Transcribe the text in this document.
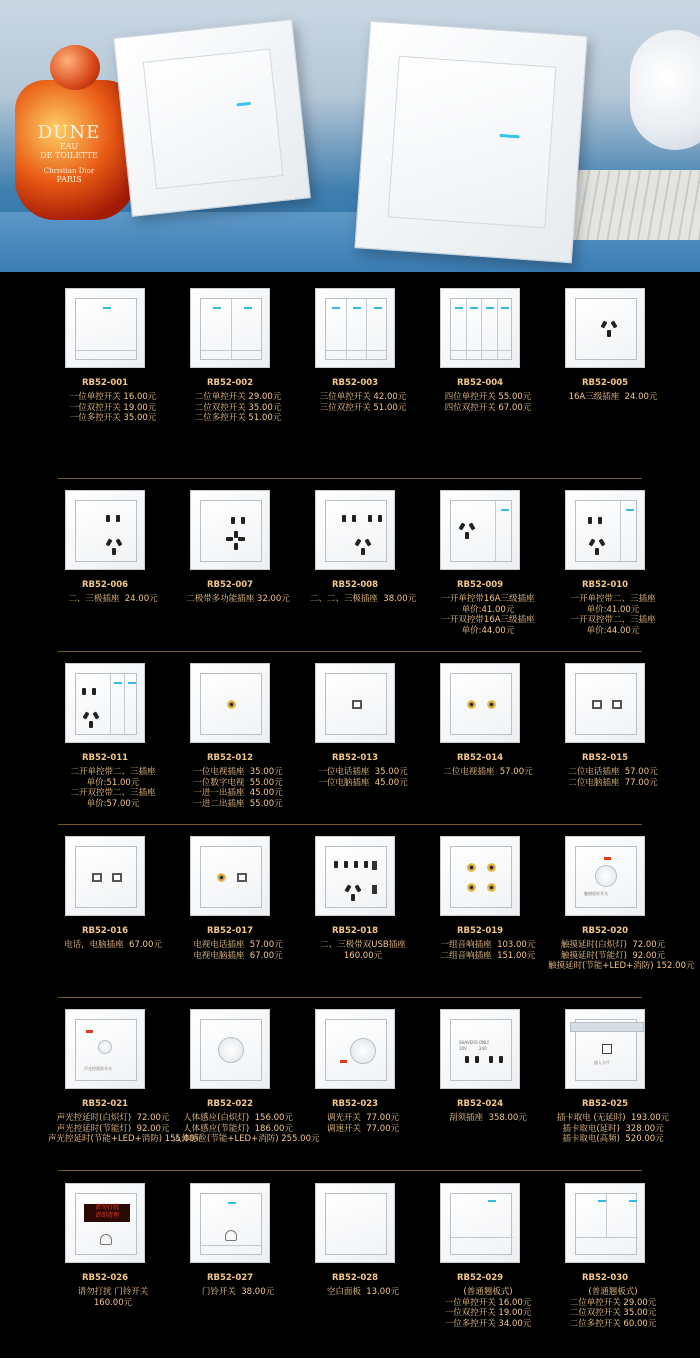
DUNE
EAU
DE TOILETTE
Christian Dior
PARIS
RB52-001
一位单控开关 16.00元
一位双控开关 19.00元
一位多控开关 35.00元
RB52-002
二位单控开关 29.00元
二位双控开关 35.00元
二位多控开关 51.00元
RB52-003
三位单控开关 42.00元
三位双控开关 51.00元
RB52-004
四位单控开关 55.00元
四位双控开关 67.00元
RB52-005
16A三级插座  24.00元
RB52-006
二、三极插座  24.00元
RB52-007
二极带多功能插座 32.00元
RB52-008
二、二、三极插座  38.00元
RB52-009
一开单控带16A三级插座
单价:41.00元
一开双控带16A三级插座
单价:44.00元
RB52-010
一开单控带二、三插座
单价:41.00元
一开双控带二、三插座
单价:44.00元
RB52-011
二开单控带二、三插座
单价:51.00元
二开双控带二、三插座
单价:57.00元
RB52-012
一位电视插座  35.00元
一位数字电视  55.00元
一进一出插座  45.00元
一进二出插座  55.00元
RB52-013
一位电话插座  35.00元
一位电脑插座  45.00元
RB52-014
二位电视插座  57.00元
RB52-015
二位电话插座  57.00元
二位电脑插座  77.00元
RB52-016
电话，电脑插座  67.00元
RB52-017
电视电话插座  57.00元
电视电脑插座  67.00元
RB52-018
二、三极带双USB插座
160.00元
RB52-019
一组音响插座  103.00元
二组音响插座  151.00元
触摸延时开关
RB52-020
触摸延时(白炽灯)  72.00元
触摸延时(节能灯)  92.00元
触摸延时(节能+LED+消防) 152.00元
声光控延时开关
RB52-021
声光控延时(白炽灯)  72.00元
声光控延时(节能灯)  92.00元
声光控延时(节能+LED+消防) 155.00元
RB52-022
人体感应(白炽灯)  156.00元
人体感应(节能灯)  186.00元
人体感应(节能+LED+消防) 255.00元
RB52-023
调光开关  77.00元
调速开关  77.00元
SHAVERS ONLY
10V	240
RB52-024
刮须插座  358.00元
插入卡片
RB52-025
插卡取电 (无延时)  193.00元
插卡取电(延时)  328.00元
插卡取电(高频)  520.00元
请勿打扰
请即清理
RB52-026
请勿打扰 门铃开关
160.00元
RB52-027
门铃开关  38.00元
RB52-028
空白面板  13.00元
RB52-029
(普通翘板式)
一位单控开关 16.00元
一位双控开关 19.00元
一位多控开关 34.00元
RB52-030
(普通翘板式)
二位单控开关 29.00元
二位双控开关 35.00元
二位多控开关 60.00元
